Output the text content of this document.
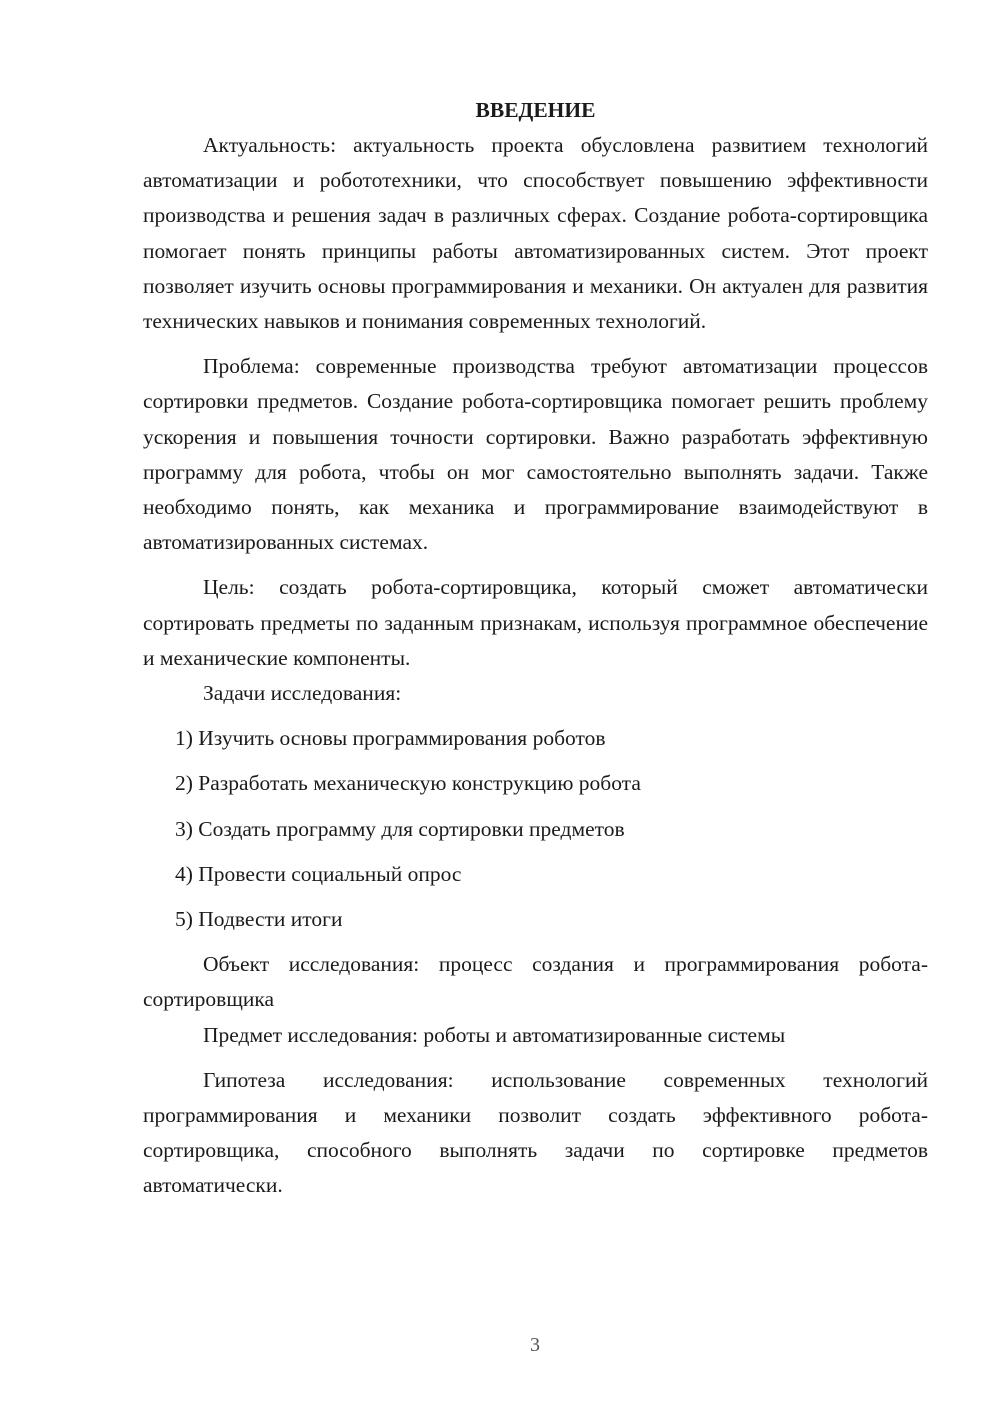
ВВЕДЕНИЕ

Актуальность: актуальность проекта обусловлена развитием технологий автоматизации и робототехники, что способствует повышению эффективности производства и решения задач в различных сферах. Создание робота-сортировщика помогает понять принципы работы автоматизированных систем. Этот проект позволяет изучить основы программирования и механики. Он актуален для развития технических навыков и понимания современных технологий.

Проблема: современные производства требуют автоматизации процессов сортировки предметов. Создание робота-сортировщика помогает решить проблему ускорения и повышения точности сортировки. Важно разработать эффективную программу для робота, чтобы он мог самостоятельно выполнять задачи. Также необходимо понять, как механика и программирование взаимодействуют в автоматизированных системах.

Цель: создать робота-сортировщика, который сможет автоматически сортировать предметы по заданным признакам, используя программное обеспечение и механические компоненты.

Задачи исследования:

1) Изучить основы программирования роботов
2) Разработать механическую конструкцию робота
3) Создать программу для сортировки предметов
4) Провести социальный опрос
5) Подвести итоги

Объект исследования: процесс создания и программирования робота-сортировщика

Предмет исследования: роботы и автоматизированные системы

Гипотеза исследования: использование современных технологий программирования и механики позволит создать эффективного робота-сортировщика, способного выполнять задачи по сортировке предметов автоматически.

3
